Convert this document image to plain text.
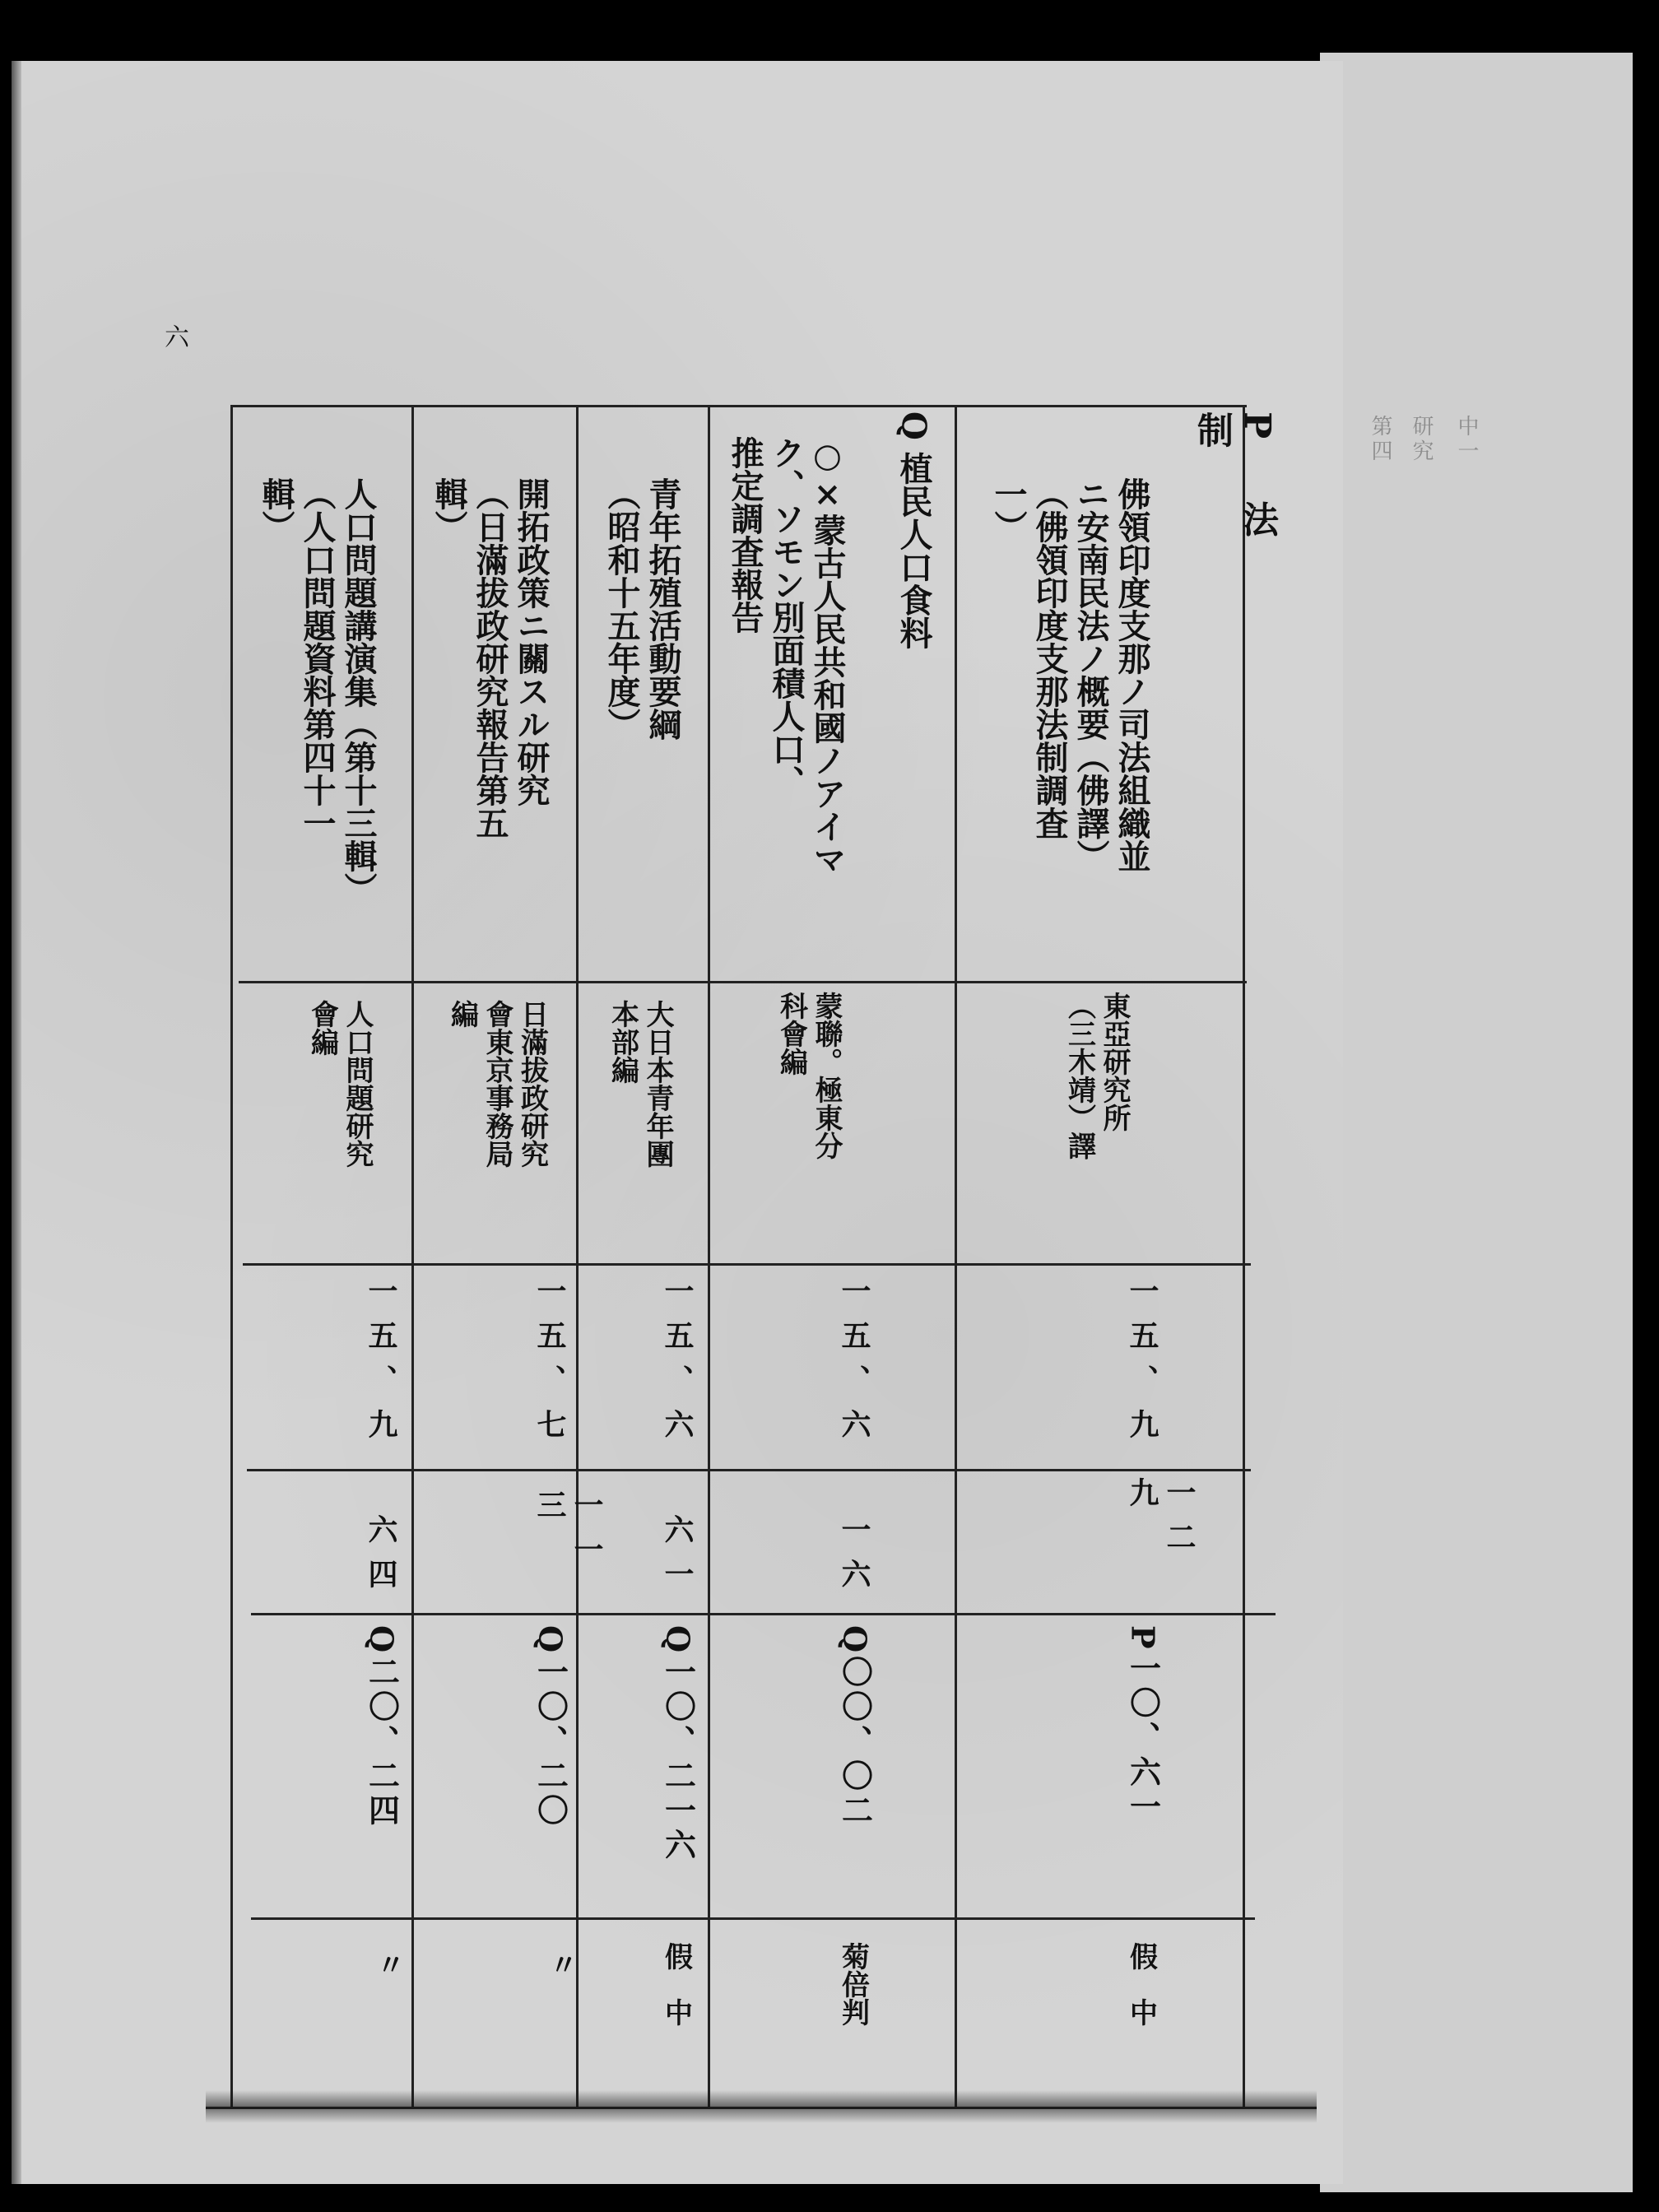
第四 研究 中一
六
P 法　制
Q 植民人口食料	佛領印度支那ノ司法組織並
ニ安南民法ノ概要（佛譯）
（佛領印度支那法制調査
一）
東亞研究所
（三木靖）譯
一五、九
一二九
P一〇、六一
假　中
○×蒙古人民共和國ノアイマ
ク、ソモン別面積人口、
推定調査報告
蒙聯。極東分
科會編
一五、六
一六
Q〇〇、〇二
菊倍判
青年拓殖活動要綱
（昭和十五年度）
大日本青年團
本部編
一五、六
六一
Q一〇、二一六
假　中
開拓政策ニ關スル研究
（日滿拔政研究報告第五
輯）
日滿拔政研究
會東京事務局
編
一五、七
一一三
Q一〇、二〇
〃
人口問題講演集（第十三輯）
（人口問題資料第四十一
輯）
人口問題研究
會編
一五、九
六四
Q二〇、二四
〃
